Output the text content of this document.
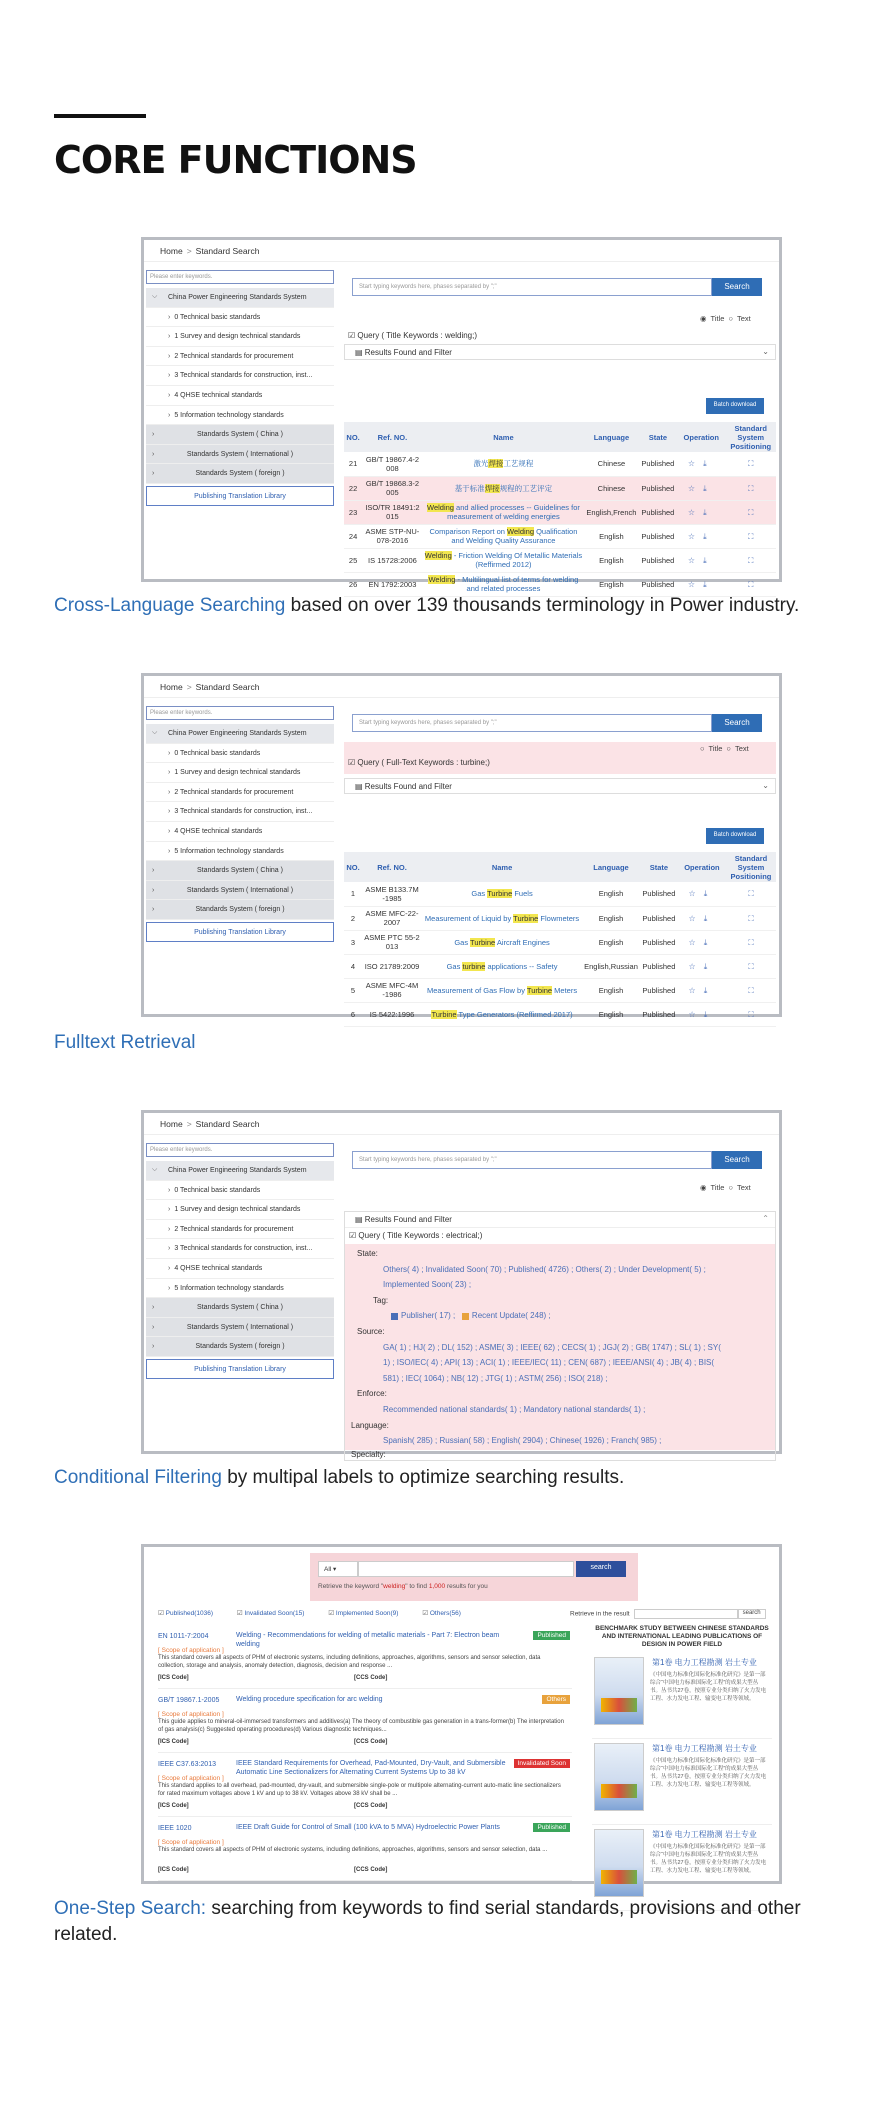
CORE FUNCTIONS
Home > Standard Search
Please enter keywords.
⌵ China Power Engineering Standards System
› 0 Technical basic standards
› 1 Survey and design technical standards
› 2 Technical standards for procurement
› 3 Technical standards for construction, inst...
› 4 QHSE technical standards
› 5 Information technology standards
›	Standards System ( China )
›	Standards System ( International )
›	Standards System ( foreign )
Publishing Translation Library
Start typing keywords here, phases separated by ";"	Search
◉ Title ○ Text
☑ Query ( Title Keywords : welding;)
▤ Results Found and Filter	⌄
Batch download
NO.	Ref. NO.	Name	Language	State	Operation	Standard System Positioning
21	GB/T 19867.4-2 008	激光焊接工艺规程	Chinese	Published	☆⤓	⛶
22	GB/T 19868.3-2 005	基于标准焊接规程的工艺评定	Chinese	Published	☆⤓	⛶
23	ISO/TR 18491:2 015	Welding and allied processes -- Guidelines for measurement of welding energies	English,French	Published	☆⤓	⛶
24	ASME STP-NU-078-2016	Comparison Report on Welding Qualification and Welding Quality Assurance	English	Published	☆⤓	⛶
25	IS 15728:2006	Welding - Friction Welding Of Metallic Materials (Reffirmed 2012)	English	Published	☆⤓	⛶
26	EN 1792:2003	Welding - Multilingual list of terms for welding and related processes	English	Published	☆⤓	⛶
Cross-Language Searching based on over 139 thousands terminology in Power industry.
Home > Standard Search
Please enter keywords.
⌵ China Power Engineering Standards System
› 0 Technical basic standards
› 1 Survey and design technical standards
› 2 Technical standards for procurement
› 3 Technical standards for construction, inst...
› 4 QHSE technical standards
› 5 Information technology standards
›	Standards System ( China )
›	Standards System ( International )
›	Standards System ( foreign )
Publishing Translation Library
Start typing keywords here, phases separated by ";"	Search
☑ Query ( Full-Text Keywords : turbine;)
○ Title ○ Text
▤ Results Found and Filter	⌄
Batch download
NO.	Ref. NO.	Name	Language	State	Operation	Standard System Positioning
1	ASME B133.7M -1985	Gas Turbine Fuels	English	Published	☆⤓	⛶
2	ASME MFC-22-2007	Measurement of Liquid by Turbine Flowmeters	English	Published	☆⤓	⛶
3	ASME PTC 55-2 013	Gas Turbine Aircraft Engines	English	Published	☆⤓	⛶
4	ISO 21789:2009	Gas turbine applications -- Safety	English,Russian	Published	☆⤓	⛶
5	ASME MFC-4M -1986	Measurement of Gas Flow by Turbine Meters	English	Published	☆⤓	⛶
6	IS 5422:1996	Turbine Type Generators (Reffirmed 2017)	English	Published	☆⤓	⛶
Fulltext Retrieval
Home > Standard Search
Please enter keywords.
⌵ China Power Engineering Standards System
› 0 Technical basic standards
› 1 Survey and design technical standards
› 2 Technical standards for procurement
› 3 Technical standards for construction, inst...
› 4 QHSE technical standards
› 5 Information technology standards
›	Standards System ( China )
›	Standards System ( International )
›	Standards System ( foreign )
Publishing Translation Library
Start typing keywords here, phases separated by ";"	Search
◉ Title ○ Text
▤ Results Found and Filter	⌃
☑ Query ( Title Keywords : electrical;)
State:
Others( 4) ; Invalidated Soon( 70) ; Published( 4726) ; Others( 2) ; Under Development( 5) ;
Implemented Soon( 23) ;
Tag:
Publisher( 17) ; Recent Update( 248) ;
Source:
GA( 1) ; HJ( 2) ; DL( 152) ; ASME( 3) ; IEEE( 62) ; CECS( 1) ; JGJ( 2) ; GB( 1747) ; SL( 1) ; SY(
1) ; ISO/IEC( 4) ; API( 13) ; ACI( 1) ; IEEE/IEC( 11) ; CEN( 687) ; IEEE/ANSI( 4) ; JB( 4) ; BIS(
581) ; IEC( 1064) ; NB( 12) ; JTG( 1) ; ASTM( 256) ; ISO( 218) ;
Enforce:
Recommended national standards( 1) ; Mandatory national standards( 1) ;
Language:
Spanish( 285) ; Russian( 58) ; English( 2904) ; Chinese( 1926) ; Franch( 985) ;
Specialty:
Conditional Filtering by multipal labels to optimize searching results.
All ▾	search
Retrieve the keyword "welding" to find 1,000 results for you
☑ Published(1036)	☑ Invalidated Soon(15)	☑ Implemented Soon(9)	☑ Others(56)	Retrieve in the result	search
EN 1011-7:2004	Welding - Recommendations for welding of metallic materials - Part 7: Electron beam welding
Published
[ Scope of application ]
This standard covers all aspects of PHM of electronic systems, including definitions, approaches, algorithms, sensors and sensor selection, data collection, storage and analysis, anomaly detection, diagnosis, decision and response ...
[ICS Code]	[CCS Code]
GB/T 19867.1-2005 Welding procedure specification for arc welding	Others
[ Scope of application ]
This guide applies to mineral-oil-immersed transformers and additives(a) The theory of combustible gas generation in a trans-former(b) The interpretation of gas analysis(c) Suggested operating procedures(d) Various diagnostic techniques...
[ICS Code]	[CCS Code]
IEEE C37.63:2013	IEEE Standard Requirements for Overhead, Pad-Mounted, Dry-Vault, and Submersible Automatic Line Sectionalizers for Alternating Current Systems Up to 38 kV
Invalidated Soon
[ Scope of application ]
This standard applies to all overhead, pad-mounted, dry-vault, and submersible single-pole or multipole alternating-current auto-matic line sectionalizers for rated maximum voltages above 1 kV and up to 38 kV. Voltages above 38 kV shall be ...
[ICS Code]	[CCS Code]
IEEE 1020	IEEE Draft Guide for Control of Small (100 kVA to 5 MVA) Hydroelectric Power Plants	Published
[ Scope of application ]
This standard covers all aspects of PHM of electronic systems, including definitions, approaches, algorithms, sensors and sensor selection, data ...
[ICS Code]	[CCS Code]
BENCHMARK STUDY BETWEEN CHINESE STANDARDS AND INTERNATIONAL LEADING PUBLICATIONS OF DESIGN IN POWER FIELD
第1卷 电力工程勘测 岩土专业
《中国电力标准化国际化标准化研究》是第一部综合“中国电力标准国际化工程”的成果大型丛书。丛书共27卷，按照专业分类归纳了火力发电工程、水力发电工程、输变电工程等领域。
第1卷 电力工程勘测 岩土专业
《中国电力标准化国际化标准化研究》是第一部综合“中国电力标准国际化工程”的成果大型丛书。丛书共27卷，按照专业分类归纳了火力发电工程、水力发电工程、输变电工程等领域。
第1卷 电力工程勘测 岩土专业
《中国电力标准化国际化标准化研究》是第一部综合“中国电力标准国际化工程”的成果大型丛书。丛书共27卷，按照专业分类归纳了火力发电工程、水力发电工程、输变电工程等领域。
One-Step Search: searching from keywords to find serial standards, provisions and other related.
